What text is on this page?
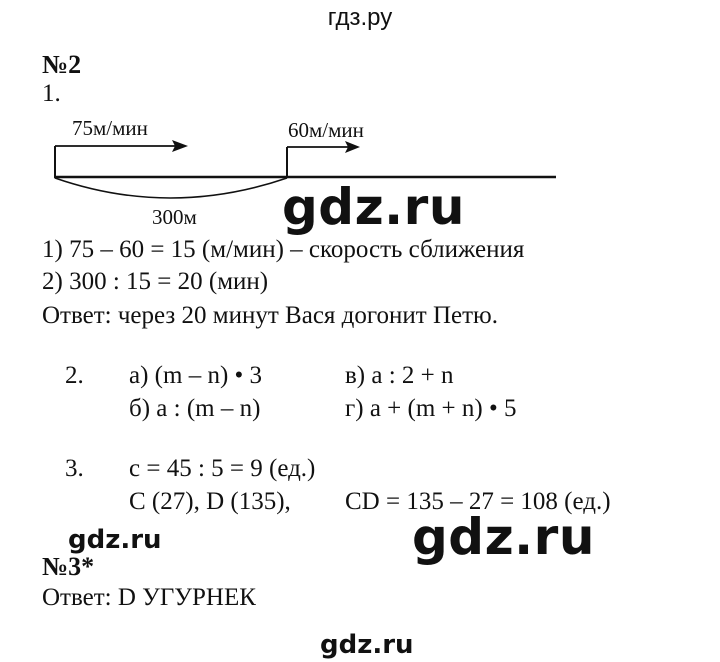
гдз.ру
№2
1.
75м/мин	60м/мин
300м gdz.ru
1) 75 – 60 = 15 (м/мин) – скорость сближения
2) 300 : 15 = 20 (мин)
Ответ: через 20 минут Вася догонит Петю.
2. а) (m – n) • 3	в) a : 2 + n
б) a : (m – n)	г) a + (m + n) • 5
3. c = 45 : 5 = 9 (ед.)
C (27), D (135), CD = 135 – 27 = 108 (ед.)
gdz.ru	gdz.ru
№3*
Ответ: D УГУРНЕК
gdz.ru
